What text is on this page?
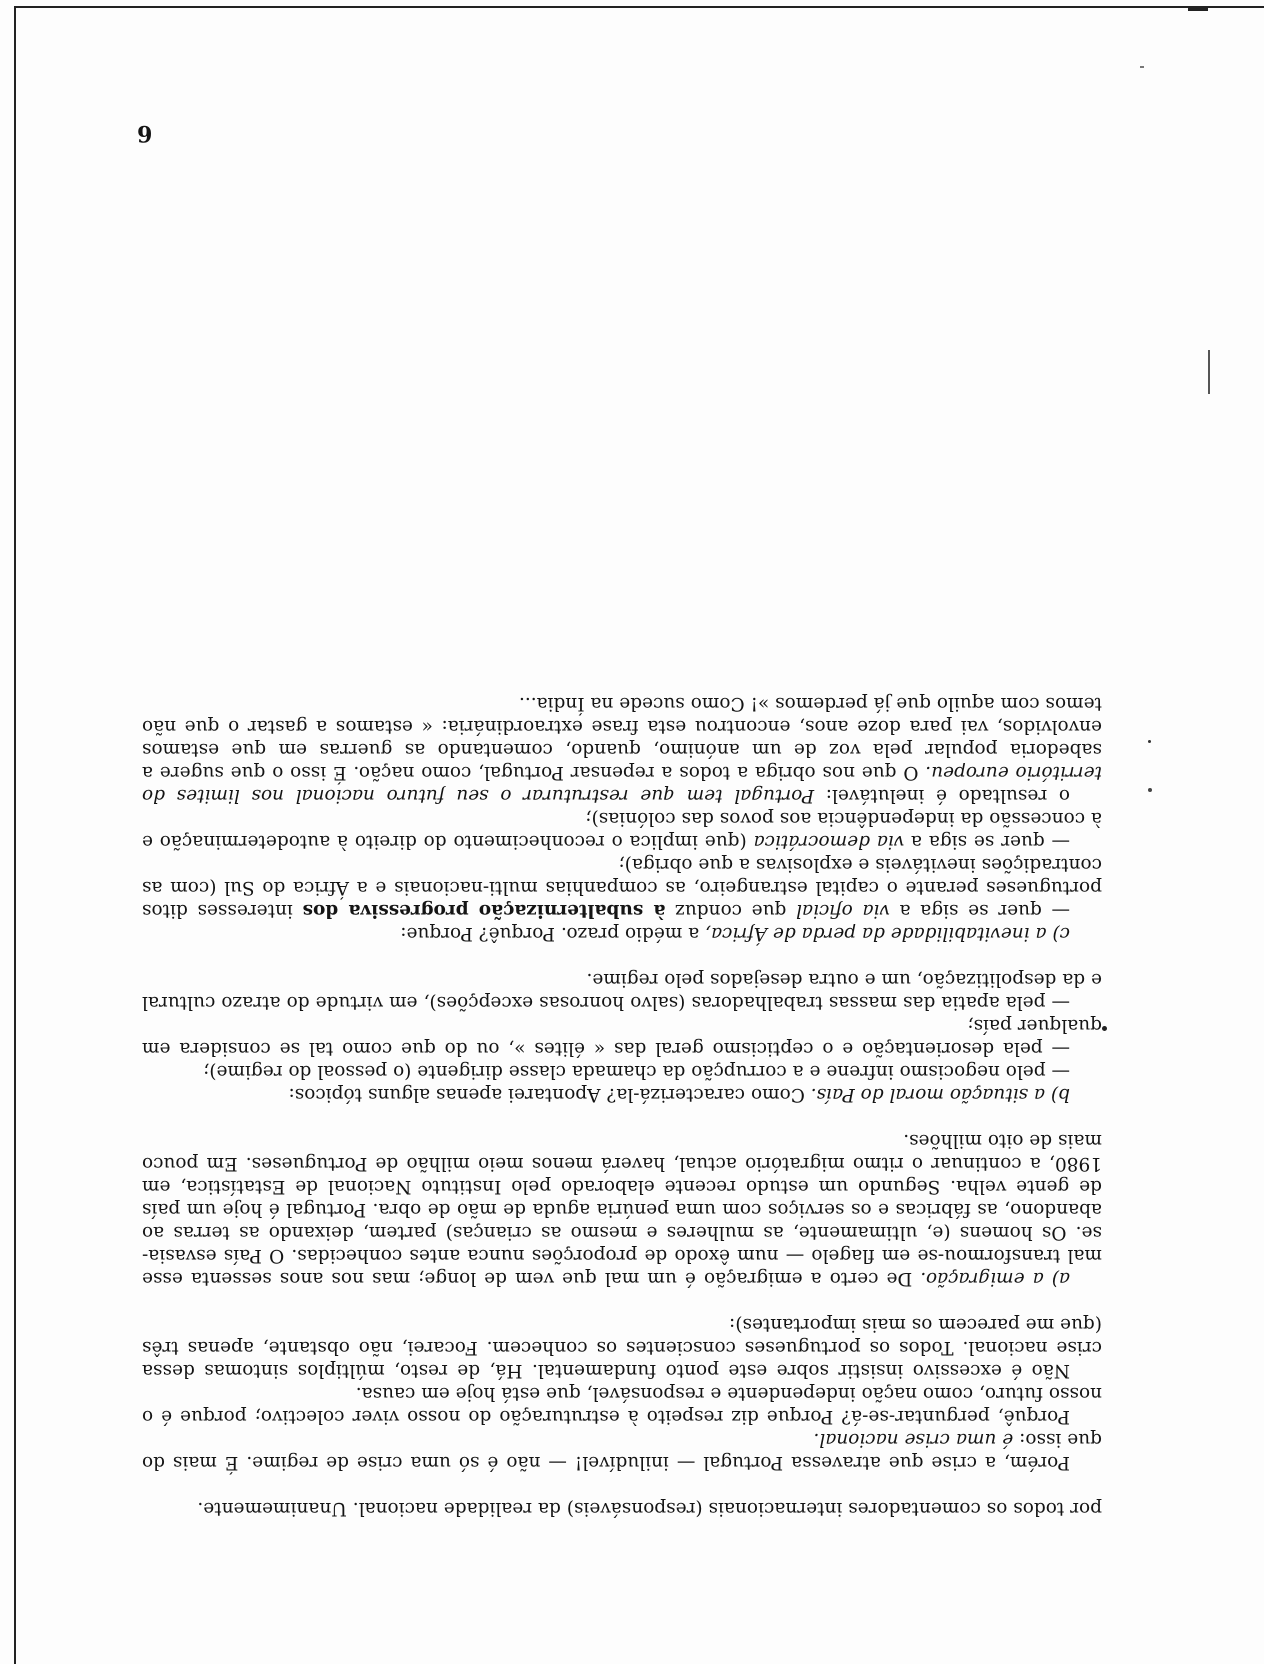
por todos os comentadores internacionais (responsáveis) da realidade nacional. Unanimemente.

Porém, a crise que atravessa Portugal — iniludível! — não é só uma crise de regime. É mais do que isso: é uma crise nacional.

Porquê, perguntar-se-á? Porque diz respeito à estruturação do nosso viver colectivo; porque é o nosso futuro, como nação independente e responsável, que está hoje em causa.

Não é excessivo insistir sobre este ponto fundamental. Há, de resto, múltiplos sintomas dessa crise nacional. Todos os portugueses conscientes os conhecem. Focarei, não obstante, apenas três (que me parecem os mais importantes):

a) a emigração. De certo a emigração é um mal que vem de longe; mas nos anos sessenta esse mal transformou-se em flagelo — num êxodo de proporções nunca antes conhecidas. O País esvasia-se. Os homens (e, ultimamente, as mulheres e mesmo as crianças) partem, deixando as terras ao abandono, as fábricas e os serviços com uma penúria aguda de mão de obra. Portugal é hoje um país de gente velha. Segundo um estudo recente elaborado pelo Instituto Nacional de Estatística, em 1980, a continuar o ritmo migratório actual, haverá menos meio milhão de Portugueses. Em pouco mais de oito milhões.

b) a situação moral do País. Como caracterizá-la? Apontarei apenas alguns tópicos:

— pelo negocismo infrene e a corrupção da chamada classe dirigente (o pessoal do regime);

— pela desorientação e o cepticismo geral das « élites », ou do que como tal se considera em qualquer país;

— pela apatia das massas trabalhadoras (salvo honrosas excepções), em virtude do atrazo cultural e da despolitização, um e outra desejados pelo regime.

c) a inevitabilidade da perda de África, a médio prazo. Porquê? Porque:

— quer se siga a via oficial que conduz à subalternização progressiva dos interesses ditos portugueses perante o capital estrangeiro, as companhias multi-nacionais e a África do Sul (com as contradições inevitáveis e explosivas a que obriga);

— quer se siga a via democrática (que implica o reconhecimento do direito à autodeterminação e à concessão da independência aos povos das colónias);

o resultado é inelutável: Portugal tem que restruturar o seu futuro nacional nos limites do território europeu. O que nos obriga a todos a repensar Portugal, como nação. É isso o que sugere a sabedoria popular pela voz de um anónimo, quando, comentando as guerras em que estamos envolvidos, vai para doze anos, encontrou esta frase extraordinária: « estamos a gastar o que não temos com aquilo que já perdemos »! Como sucede na Índia...

6
